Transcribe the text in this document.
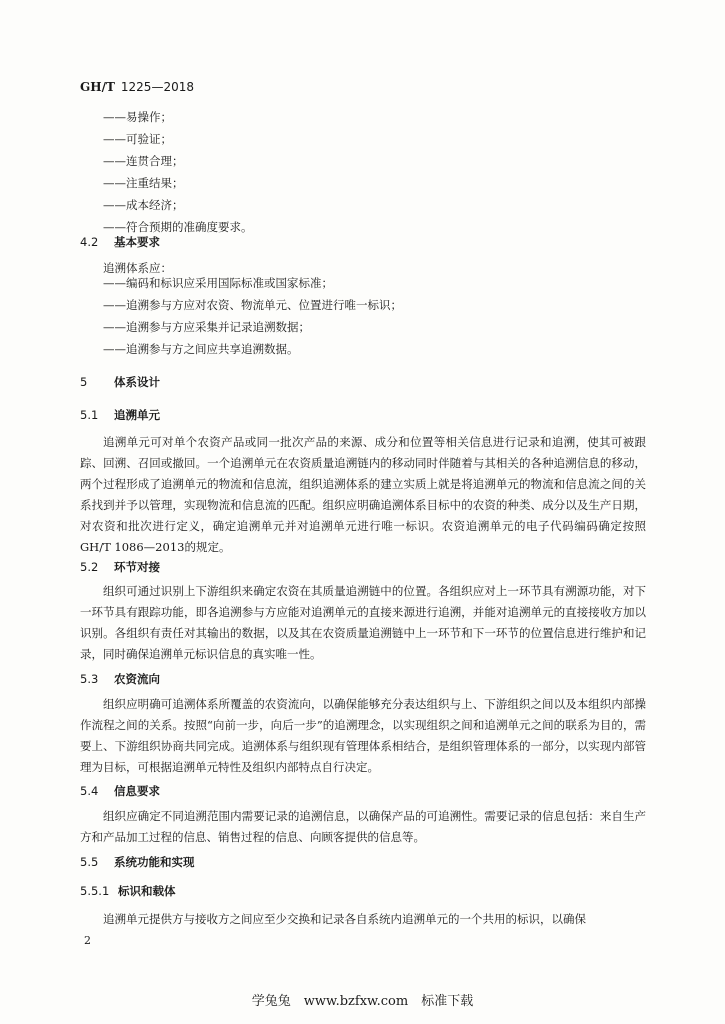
GH/T 1225—2018
——易操作；
——可验证；
——连贯合理；
——注重结果；
——成本经济；
——符合预期的准确度要求。
4.2 基本要求
追溯体系应：
——编码和标识应采用国际标准或国家标准；
——追溯参与方应对农资、物流单元、位置进行唯一标识；
——追溯参与方应采集并记录追溯数据；
——追溯参与方之间应共享追溯数据。
5 体系设计
5.1 追溯单元

追溯单元可对单个农资产品或同一批次产品的来源、成分和位置等相关信息进行记录和追溯，使其可被跟踪、回溯、召回或撤回。一个追溯单元在农资质量追溯链内的移动同时伴随着与其相关的各种追溯信息的移动，两个过程形成了追溯单元的物流和信息流，组织追溯体系的建立实质上就是将追溯单元的物流和信息流之间的关系找到并予以管理，实现物流和信息流的匹配。组织应明确追溯体系目标中的农资的种类、成分以及生产日期，对农资和批次进行定义，确定追溯单元并对追溯单元进行唯一标识。农资追溯单元的电子代码编码确定按照GH/T 1086—2013的规定。

5.2 环节对接

组织可通过识别上下游组织来确定农资在其质量追溯链中的位置。各组织应对上一环节具有溯源功能，对下一环节具有跟踪功能，即各追溯参与方应能对追溯单元的直接来源进行追溯，并能对追溯单元的直接接收方加以识别。各组织有责任对其输出的数据，以及其在农资质量追溯链中上一环节和下一环节的位置信息进行维护和记录，同时确保追溯单元标识信息的真实唯一性。

5.3 农资流向

组织应明确可追溯体系所覆盖的农资流向，以确保能够充分表达组织与上、下游组织之间以及本组织内部操作流程之间的关系。按照“向前一步，向后一步”的追溯理念，以实现组织之间和追溯单元之间的联系为目的，需要上、下游组织协商共同完成。追溯体系与组织现有管理体系相结合，是组织管理体系的一部分，以实现内部管理为目标，可根据追溯单元特性及组织内部特点自行决定。

5.4 信息要求

组织应确定不同追溯范围内需要记录的追溯信息，以确保产品的可追溯性。需要记录的信息包括：来自生产方和产品加工过程的信息、销售过程的信息、向顾客提供的信息等。

5.5 系统功能和实现
5.5.1 标识和载体

追溯单元提供方与接收方之间应至少交换和记录各自系统内追溯单元的一个共用的标识，以确保

2
学兔兔　www.bzfxw.com　标准下载
